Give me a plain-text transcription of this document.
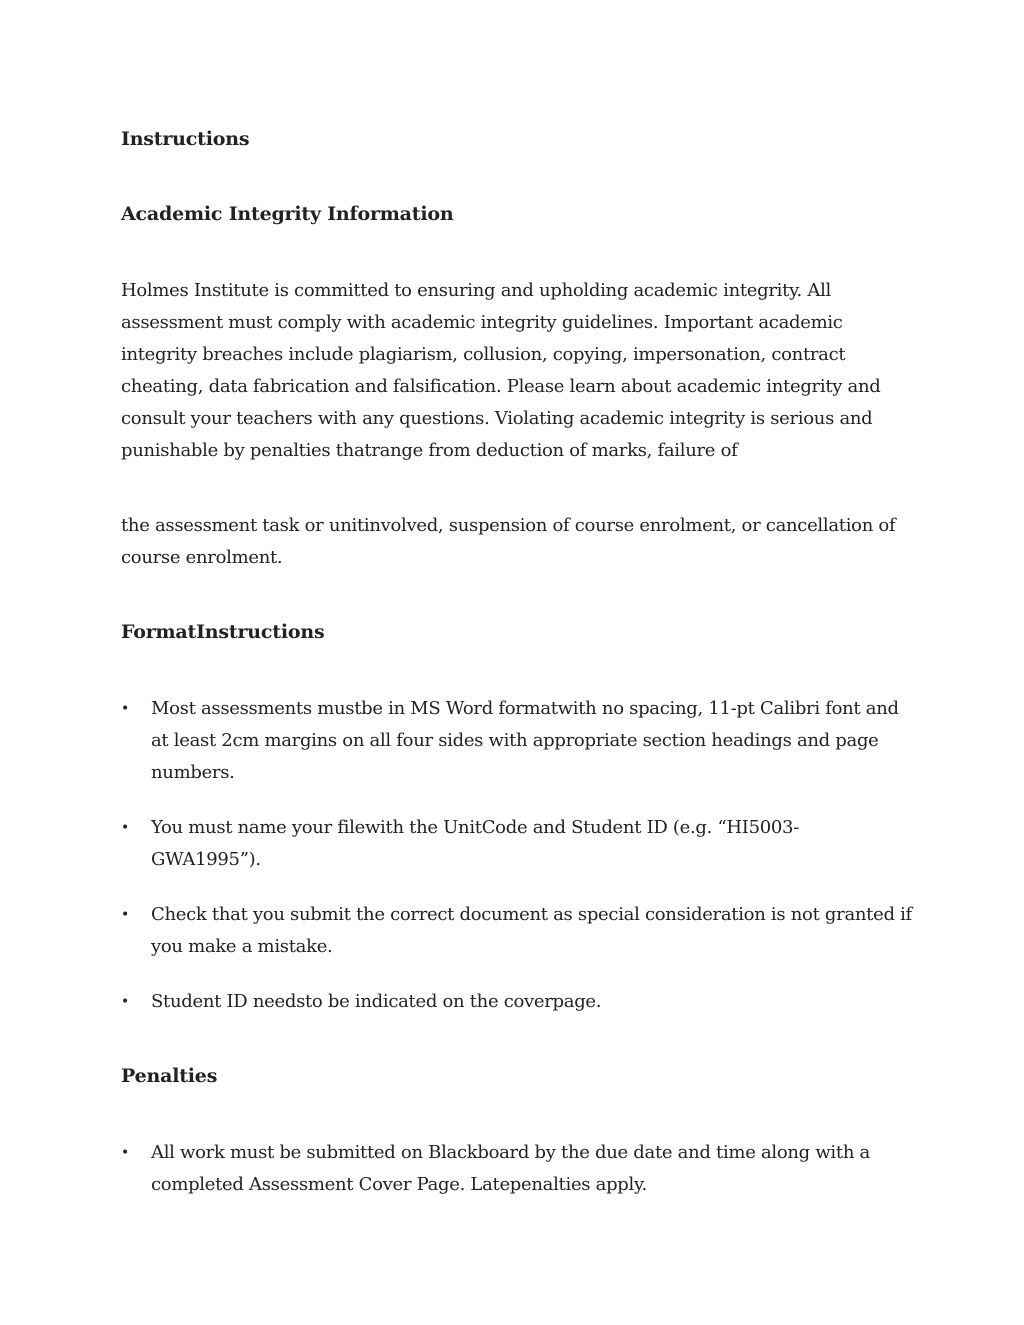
Instructions
Academic Integrity Information

Holmes Institute is committed to ensuring and upholding academic integrity. All
assessment must comply with academic integrity guidelines. Important academic
integrity breaches include plagiarism, collusion, copying, impersonation, contract
cheating, data fabrication and falsification. Please learn about academic integrity and
consult your teachers with any questions. Violating academic integrity is serious and
punishable by penalties thatrange from deduction of marks, failure of

the assessment task or unitinvolved, suspension of course enrolment, or cancellation of
course enrolment.

FormatInstructions
•	Most assessments mustbe in MS Word formatwith no spacing, 11-pt Calibri font and
at least 2cm margins on all four sides with appropriate section headings and page
numbers.
•	You must name your filewith the UnitCode and Student ID (e.g. “HI5003-
GWA1995”).
•	Check that you submit the correct document as special consideration is not granted if
you make a mistake.
•	Student ID needsto be indicated on the coverpage.
Penalties
•	All work must be submitted on Blackboard by the due date and time along with a
completed Assessment Cover Page. Latepenalties apply.
